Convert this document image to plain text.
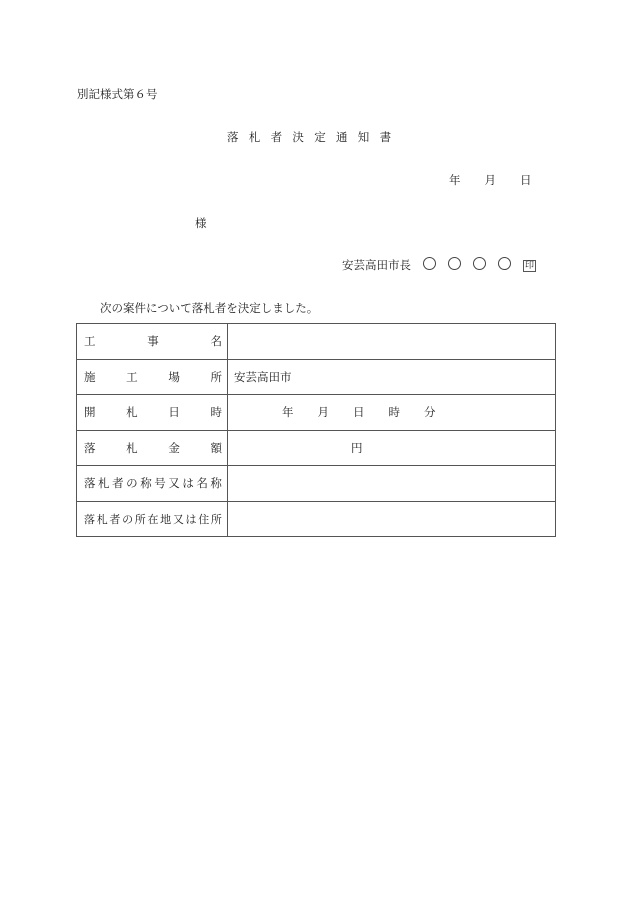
別記様式第６号
落 札 者 決 定 通 知 書
年 月 日
様
安芸高田市長	印
次の案件について落札者を決定しました。
工 事 名	

施 工 場 所	安芸高田市

開 札 日 時	年 月 日 時 分

落 札 金 額	円

落 札 者 の 称 号 又 は 名 称

落 札 者 の 所 在 地 又 は 住 所
